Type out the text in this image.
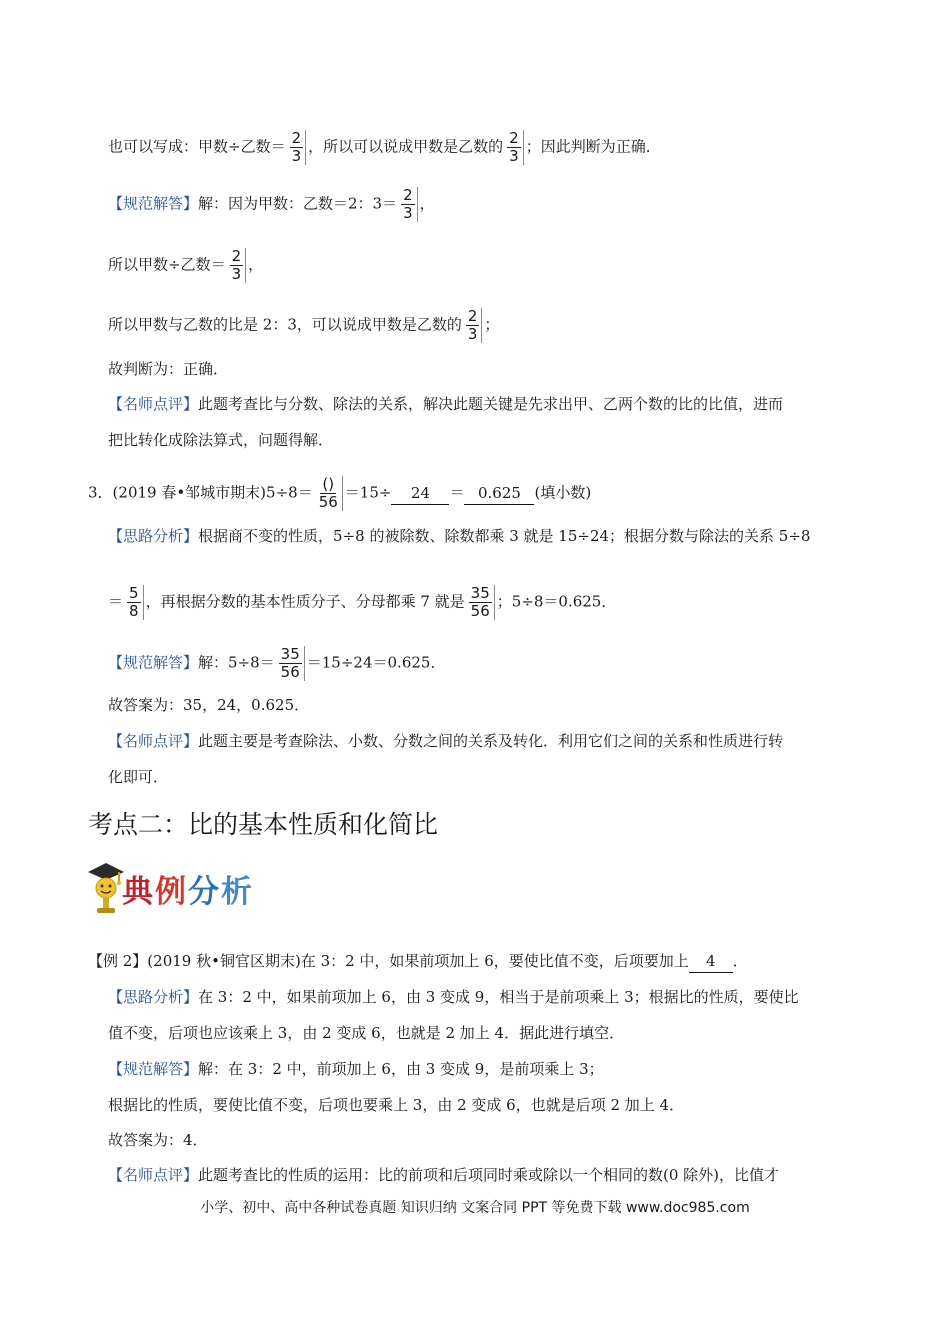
也可以写成：甲数÷乙数＝ $\frac{2}{3}$ ，所以可以说成甲数是乙数的 $\frac{2}{3}$ ；因此判断为正确．
【规范解答】解：因为甲数：乙数＝2：$3= \frac{2}{3}$ ，
所以甲数÷乙数＝ $\frac{2}{3}$ ，
所以甲数与乙数的比是 2：3，可以说成甲数是乙数的 $\frac{2}{3}$ ；
故判断为：正确．
【名师点评】此题考查比与分数、除法的关系，解决此题关键是先求出甲、乙两个数的比的比值，进而
把比转化成除法算式，问题得解．
3．(2019 春•邹城市期末)$5\div 8= \frac{()}{56} =15\div 24 = 0.625$ (填小数)
【思路分析】根据商不变的性质，5÷8 的被除数、除数都乘 3 就是 15÷24；根据分数与除法的关系 5÷8
＝ $\frac{5}{8}$ ，再根据分数的基本性质分子、分母都乘 7 就是 $\frac{35}{56}$ ；5÷8＝0.625．
【规范解答】解：$5\div 8= \frac{35}{56} =15\div 24=0.625$．
故答案为：35，24，0.625．
【名师点评】此题主要是考查除法、小数、分数之间的关系及转化．利用它们之间的关系和性质进行转
化即可．
考点二：比的基本性质和化简比
典例分析
【例 2】(2019 秋•铜官区期末)在 3：2 中，如果前项加上 6，要使比值不变，后项要加上 4 ．
【思路分析】在 3：2 中，如果前项加上 6，由 3 变成 9，相当于是前项乘上 3；根据比的性质，要使比
值不变，后项也应该乘上 3，由 2 变成 6，也就是 2 加上 4．据此进行填空．
【规范解答】解：在 3：2 中，前项加上 6，由 3 变成 9，是前项乘上 3；
根据比的性质，要使比值不变，后项也要乘上 3，由 2 变成 6，也就是后项 2 加上 4．
故答案为：4．
【名师点评】此题考查比的性质的运用：比的前项和后项同时乘或除以一个相同的数(0 除外)，比值才
小学、初中、高中各种试卷真题 知识归纳 文案合同 PPT 等免费下载 www.doc985.com
